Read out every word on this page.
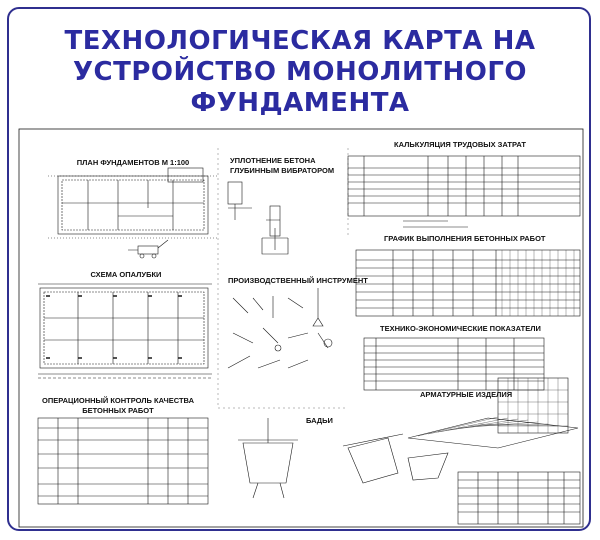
ТЕХНОЛОГИЧЕСКАЯ КАРТА НА
УСТРОЙСТВО МОНОЛИТНОГО
ФУНДАМЕНТА
ПЛАН ФУНДАМЕНТОВ М 1:100
СХЕМА ОПАЛУБКИ
УПЛОТНЕНИЕ БЕТОНА
ГЛУБИННЫМ ВИБРАТОРОМ
ПРОИЗВОДСТВЕННЫЙ ИНСТРУМЕНТ
КАЛЬКУЛЯЦИЯ ТРУДОВЫХ ЗАТРАТ
ГРАФИК ВЫПОЛНЕНИЯ БЕТОННЫХ РАБОТ
ТЕХНИКО-ЭКОНОМИЧЕСКИЕ ПОКАЗАТЕЛИ
АРМАТУРНЫЕ ИЗДЕЛИЯ
ОПЕРАЦИОННЫЙ КОНТРОЛЬ КАЧЕСТВА
БЕТОННЫХ РАБОТ
БАДЬИ
